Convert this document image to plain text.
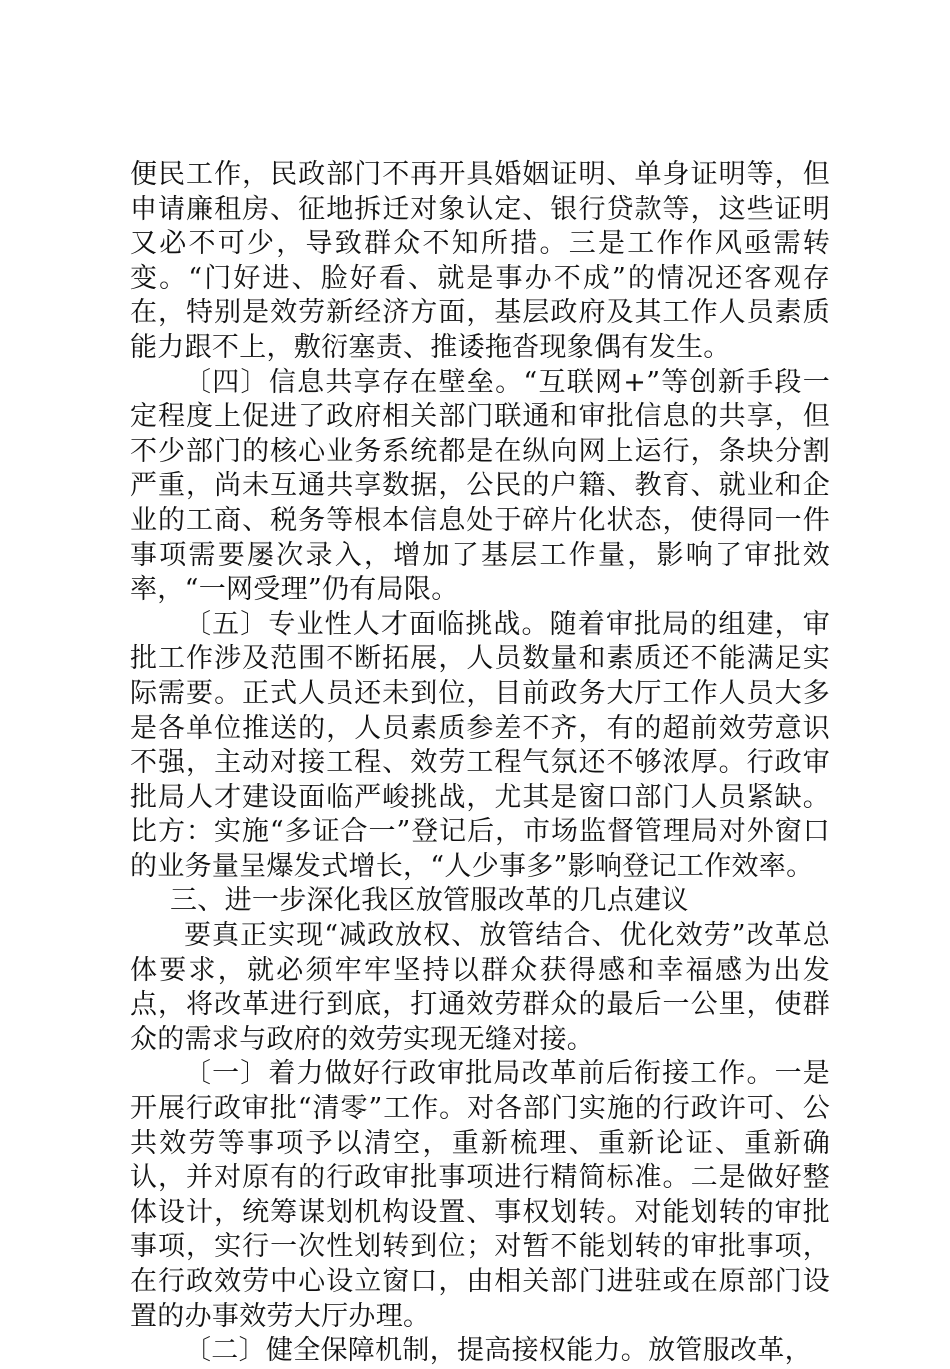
便民工作，民政部门不再开具婚姻证明、单身证明等，但申请廉租房、征地拆迁对象认定、银行贷款等，这些证明又必不可少，导致群众不知所措。三是工作作风亟需转变。“门好进、脸好看、就是事办不成”的情况还客观存在，特别是效劳新经济方面，基层政府及其工作人员素质能力跟不上，敷衍塞责、推诿拖沓现象偶有发生。

〔四〕信息共享存在壁垒。“互联网+”等创新手段一定程度上促进了政府相关部门联通和审批信息的共享，但不少部门的核心业务系统都是在纵向网上运行，条块分割严重，尚未互通共享数据，公民的户籍、教育、就业和企业的工商、税务等根本信息处于碎片化状态，使得同一件事项需要屡次录入，增加了基层工作量，影响了审批效率，“一网受理”仍有局限。

〔五〕专业性人才面临挑战。随着审批局的组建，审批工作涉及范围不断拓展，人员数量和素质还不能满足实际需要。正式人员还未到位，目前政务大厅工作人员大多是各单位推送的，人员素质参差不齐，有的超前效劳意识不强，主动对接工程、效劳工程气氛还不够浓厚。行政审批局人才建设面临严峻挑战，尤其是窗口部门人员紧缺。比方：实施“多证合一”登记后，市场监督管理局对外窗口的业务量呈爆发式增长，“人少事多”影响登记工作效率。

三、进一步深化我区放管服改革的几点建议

要真正实现“减政放权、放管结合、优化效劳”改革总体要求，就必须牢牢坚持以群众获得感和幸福感为出发点，将改革进行到底，打通效劳群众的最后一公里，使群众的需求与政府的效劳实现无缝对接。

〔一〕着力做好行政审批局改革前后衔接工作。一是开展行政审批“清零”工作。对各部门实施的行政许可、公共效劳等事项予以清空，重新梳理、重新论证、重新确认，并对原有的行政审批事项进行精简标准。二是做好整体设计，统筹谋划机构设置、事权划转。对能划转的审批事项，实行一次性划转到位；对暂不能划转的审批事项，在行政效劳中心设立窗口，由相关部门进驻或在原部门设置的办事效劳大厅办理。

〔二〕健全保障机制，提高接权能力。放管服改革，
